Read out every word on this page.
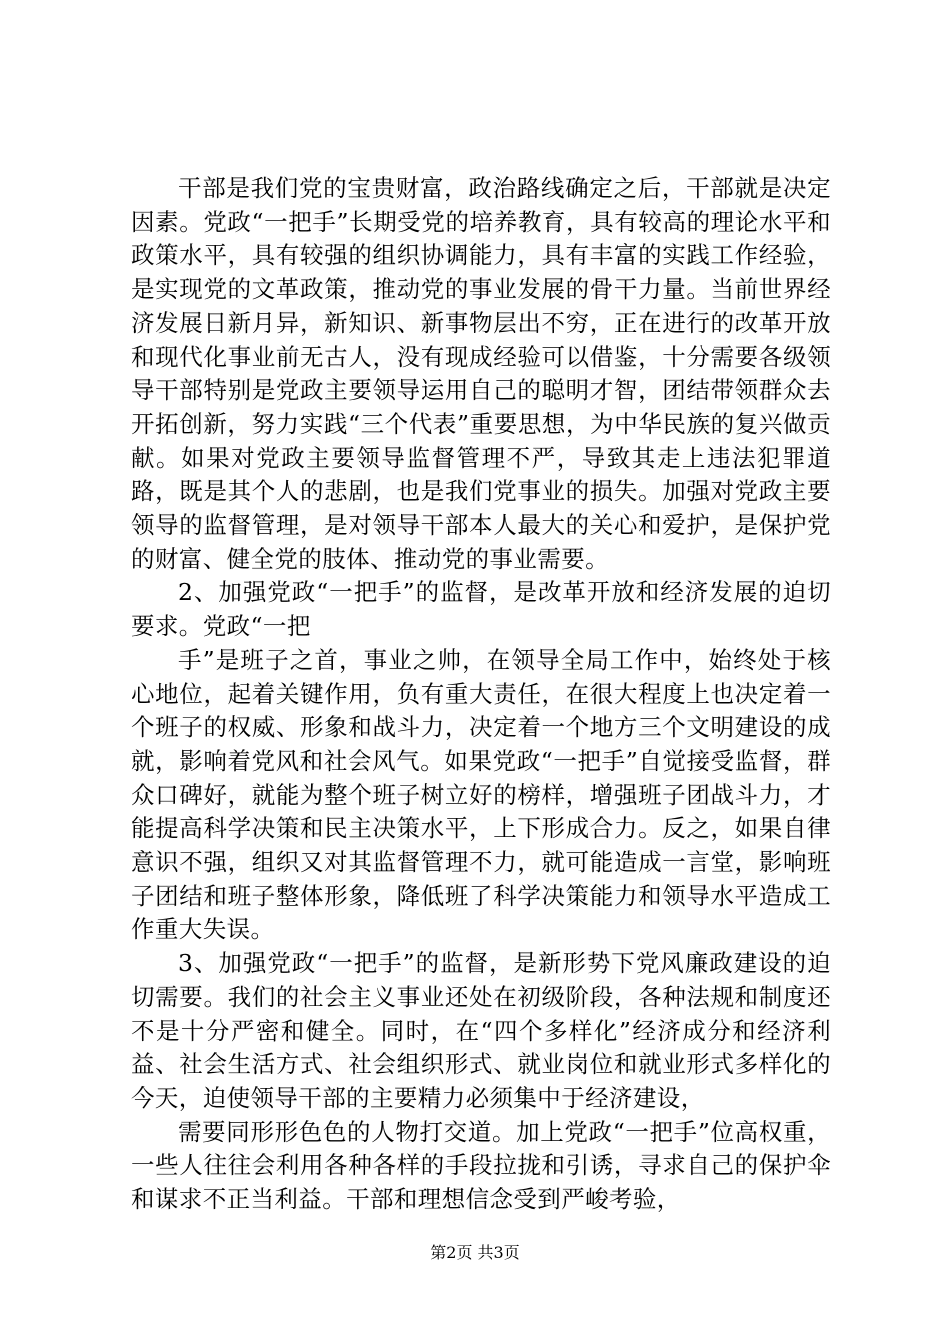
干部是我们党的宝贵财富，政治路线确定之后，干部就是决定因素。党政“一把手”长期受党的培养教育，具有较高的理论水平和政策水平，具有较强的组织协调能力，具有丰富的实践工作经验，是实现党的文革政策，推动党的事业发展的骨干力量。当前世界经济发展日新月异，新知识、新事物层出不穷，正在进行的改革开放和现代化事业前无古人，没有现成经验可以借鉴，十分需要各级领导干部特别是党政主要领导运用自己的聪明才智，团结带领群众去开拓创新，努力实践“三个代表”重要思想，为中华民族的复兴做贡献。如果对党政主要领导监督管理不严，导致其走上违法犯罪道路，既是其个人的悲剧，也是我们党事业的损失。加强对党政主要领导的监督管理，是对领导干部本人最大的关心和爱护，是保护党的财富、健全党的肢体、推动党的事业需要。

2、加强党政“一把手”的监督，是改革开放和经济发展的迫切要求。党政“一把

手”是班子之首，事业之帅，在领导全局工作中，始终处于核心地位，起着关键作用，负有重大责任，在很大程度上也决定着一个班子的权威、形象和战斗力，决定着一个地方三个文明建设的成就，影响着党风和社会风气。如果党政“一把手”自觉接受监督，群众口碑好，就能为整个班子树立好的榜样，增强班子团战斗力，才能提高科学决策和民主决策水平，上下形成合力。反之，如果自律意识不强，组织又对其监督管理不力，就可能造成一言堂，影响班子团结和班子整体形象，降低班了科学决策能力和领导水平造成工作重大失误。

3、加强党政“一把手”的监督，是新形势下党风廉政建设的迫切需要。我们的社会主义事业还处在初级阶段，各种法规和制度还不是十分严密和健全。同时，在“四个多样化”经济成分和经济利益、社会生活方式、社会组织形式、就业岗位和就业形式多样化的今天，迫使领导干部的主要精力必须集中于经济建设，

需要同形形色色的人物打交道。加上党政“一把手”位高权重，一些人往往会利用各种各样的手段拉拢和引诱，寻求自己的保护伞和谋求不正当利益。干部和理想信念受到严峻考验，

第2页 共3页
